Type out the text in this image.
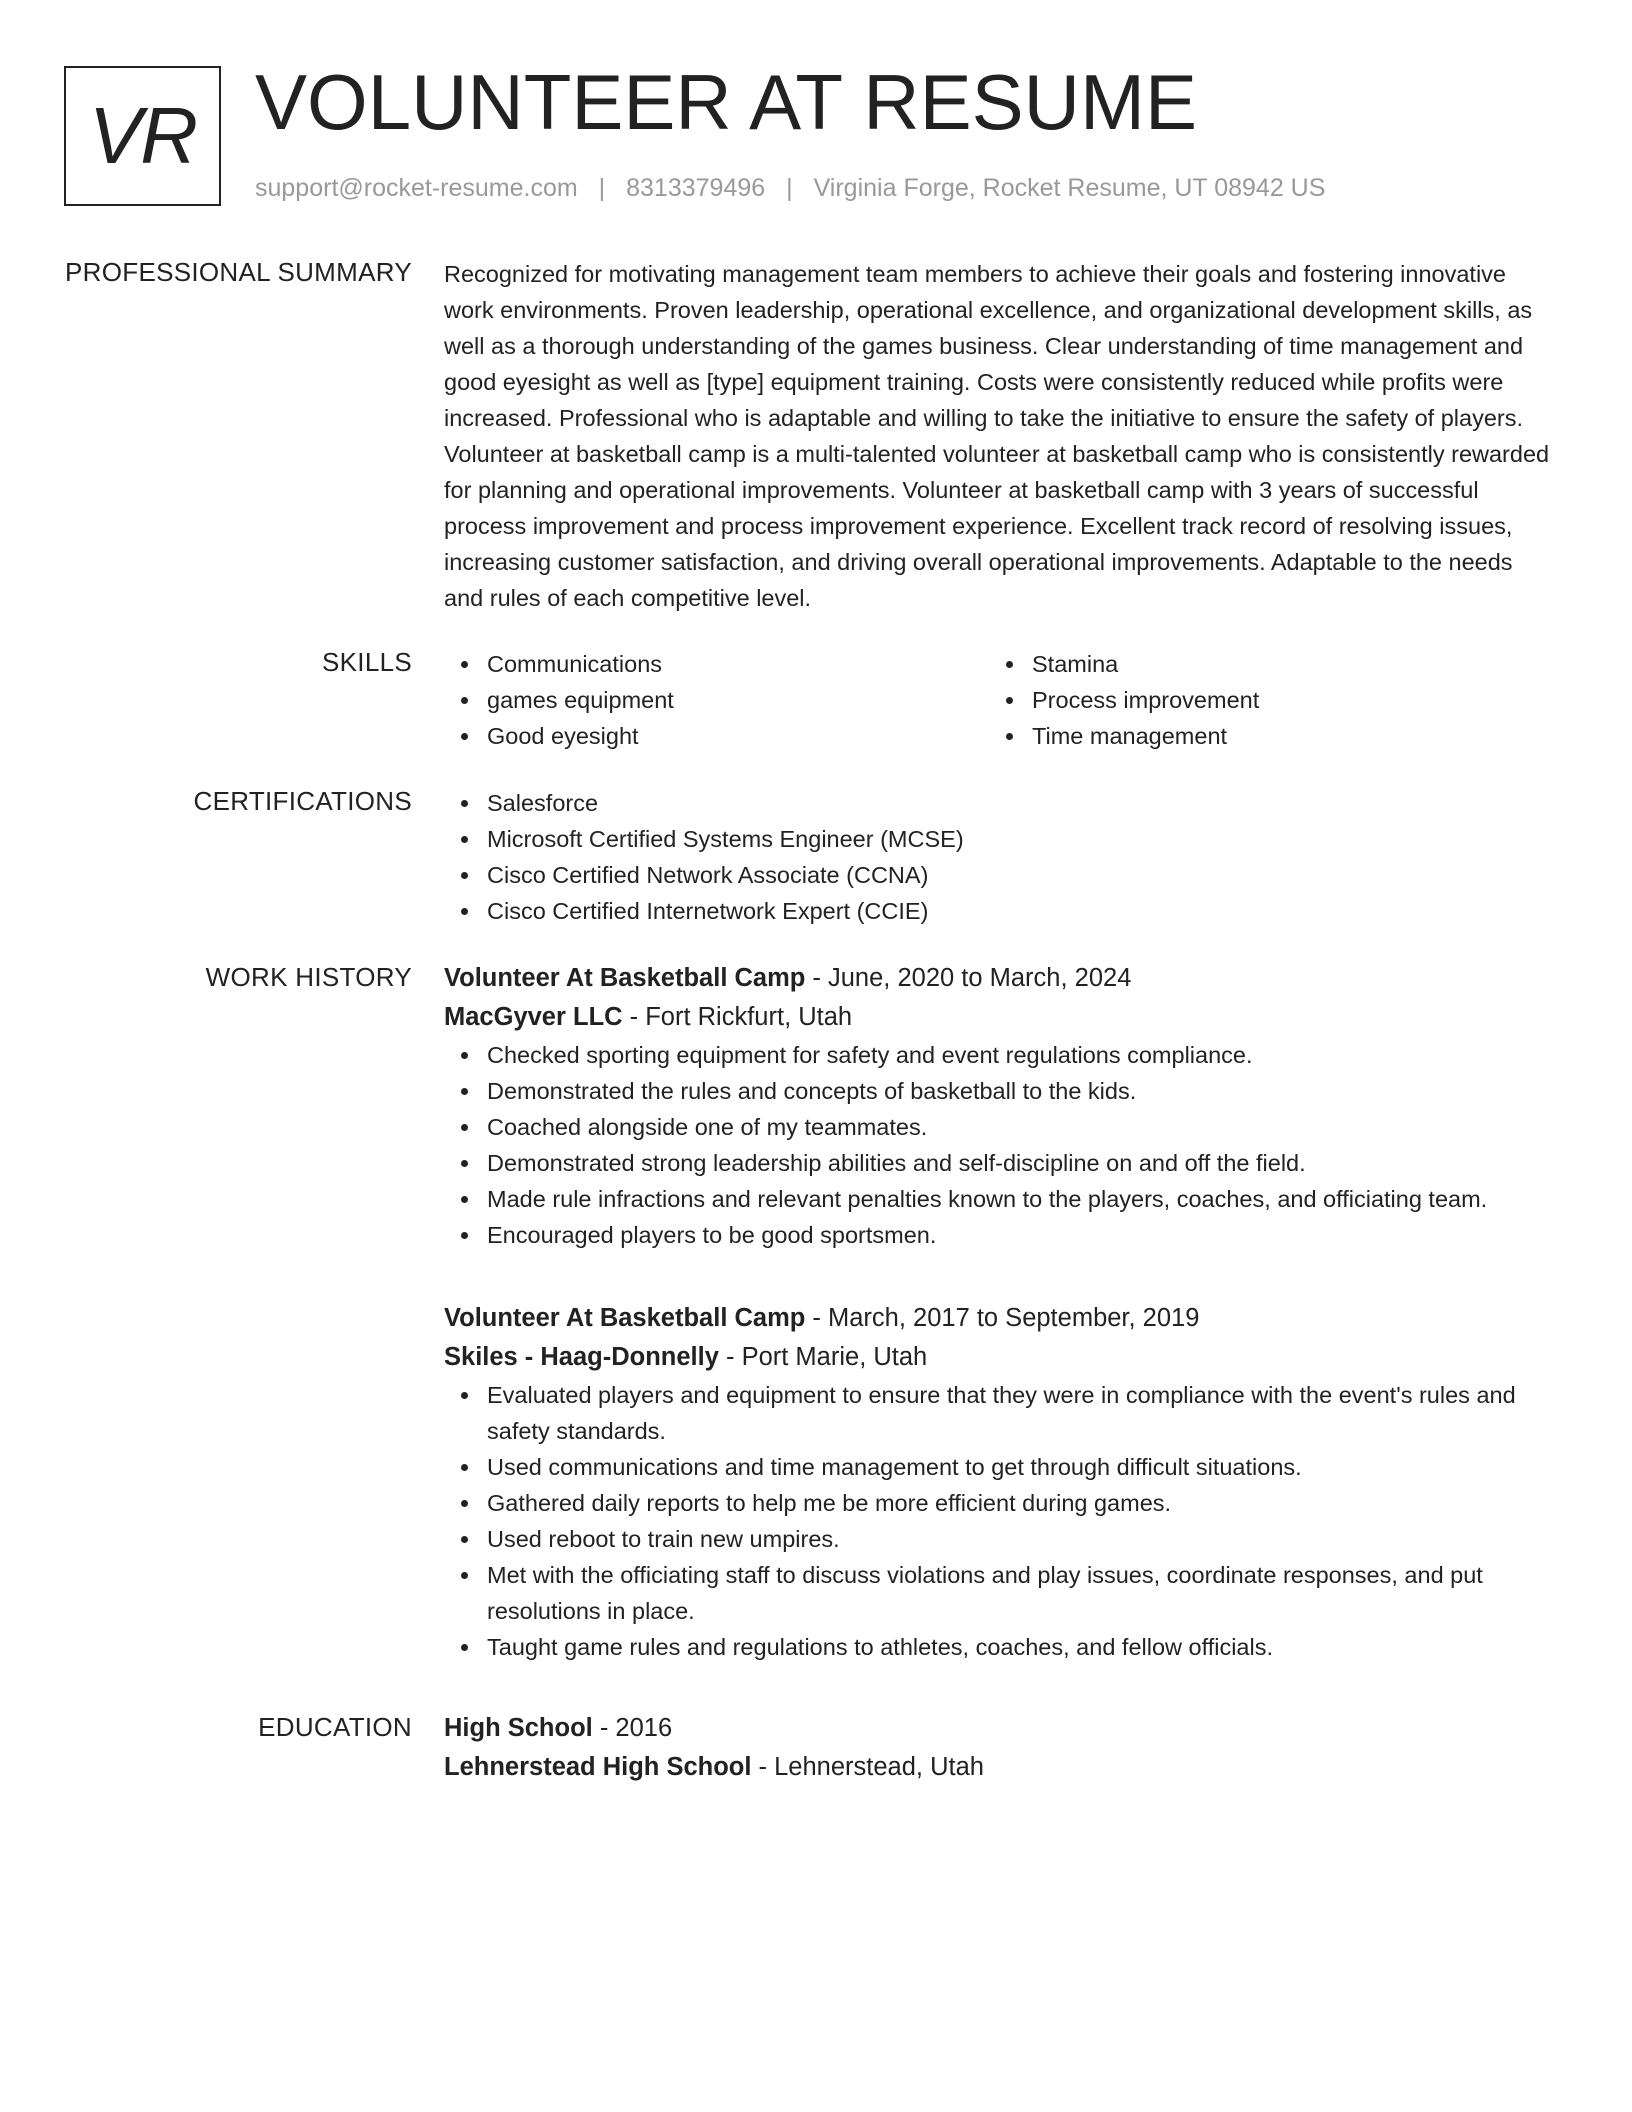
VR VOLUNTEER AT RESUME
support@rocket-resume.com | 8313379496 | Virginia Forge, Rocket Resume, UT 08942 US
PROFESSIONAL SUMMARY Recognized for motivating management team members to achieve their goals and fostering innovative work environments. Proven leadership, operational excellence, and organizational development skills, as well as a thorough understanding of the games business. Clear understanding of time management and good eyesight as well as [type] equipment training. Costs were consistently reduced while profits were increased. Professional who is adaptable and willing to take the initiative to ensure the safety of players. Volunteer at basketball camp is a multi-talented volunteer at basketball camp who is consistently rewarded for planning and operational improvements. Volunteer at basketball camp with 3 years of successful process improvement and process improvement experience. Excellent track record of resolving issues, increasing customer satisfaction, and driving overall operational improvements. Adaptable to the needs and rules of each competitive level.

SKILLS	Communications
games equipment
Good eyesight
Stamina
Process improvement
Time management
CERTIFICATIONS	Salesforce
Microsoft Certified Systems Engineer (MCSE)
Cisco Certified Network Associate (CCNA)
Cisco Certified Internetwork Expert (CCIE)
WORK HISTORY Volunteer At Basketball Camp - June, 2020 to March, 2024
MacGyver LLC - Fort Rickfurt, Utah
Checked sporting equipment for safety and event regulations compliance.
Demonstrated the rules and concepts of basketball to the kids.
Coached alongside one of my teammates.
Demonstrated strong leadership abilities and self-discipline on and off the field.
Made rule infractions and relevant penalties known to the players, coaches, and officiating team.
Encouraged players to be good sportsmen.
Volunteer At Basketball Camp - March, 2017 to September, 2019
Skiles - Haag-Donnelly - Port Marie, Utah
Evaluated players and equipment to ensure that they were in compliance with the event's rules and safety standards.
Used communications and time management to get through difficult situations.
Gathered daily reports to help me be more efficient during games.
Used reboot to train new umpires.
Met with the officiating staff to discuss violations and play issues, coordinate responses, and put resolutions in place.
Taught game rules and regulations to athletes, coaches, and fellow officials.
EDUCATION High School - 2016
Lehnerstead High School - Lehnerstead, Utah
